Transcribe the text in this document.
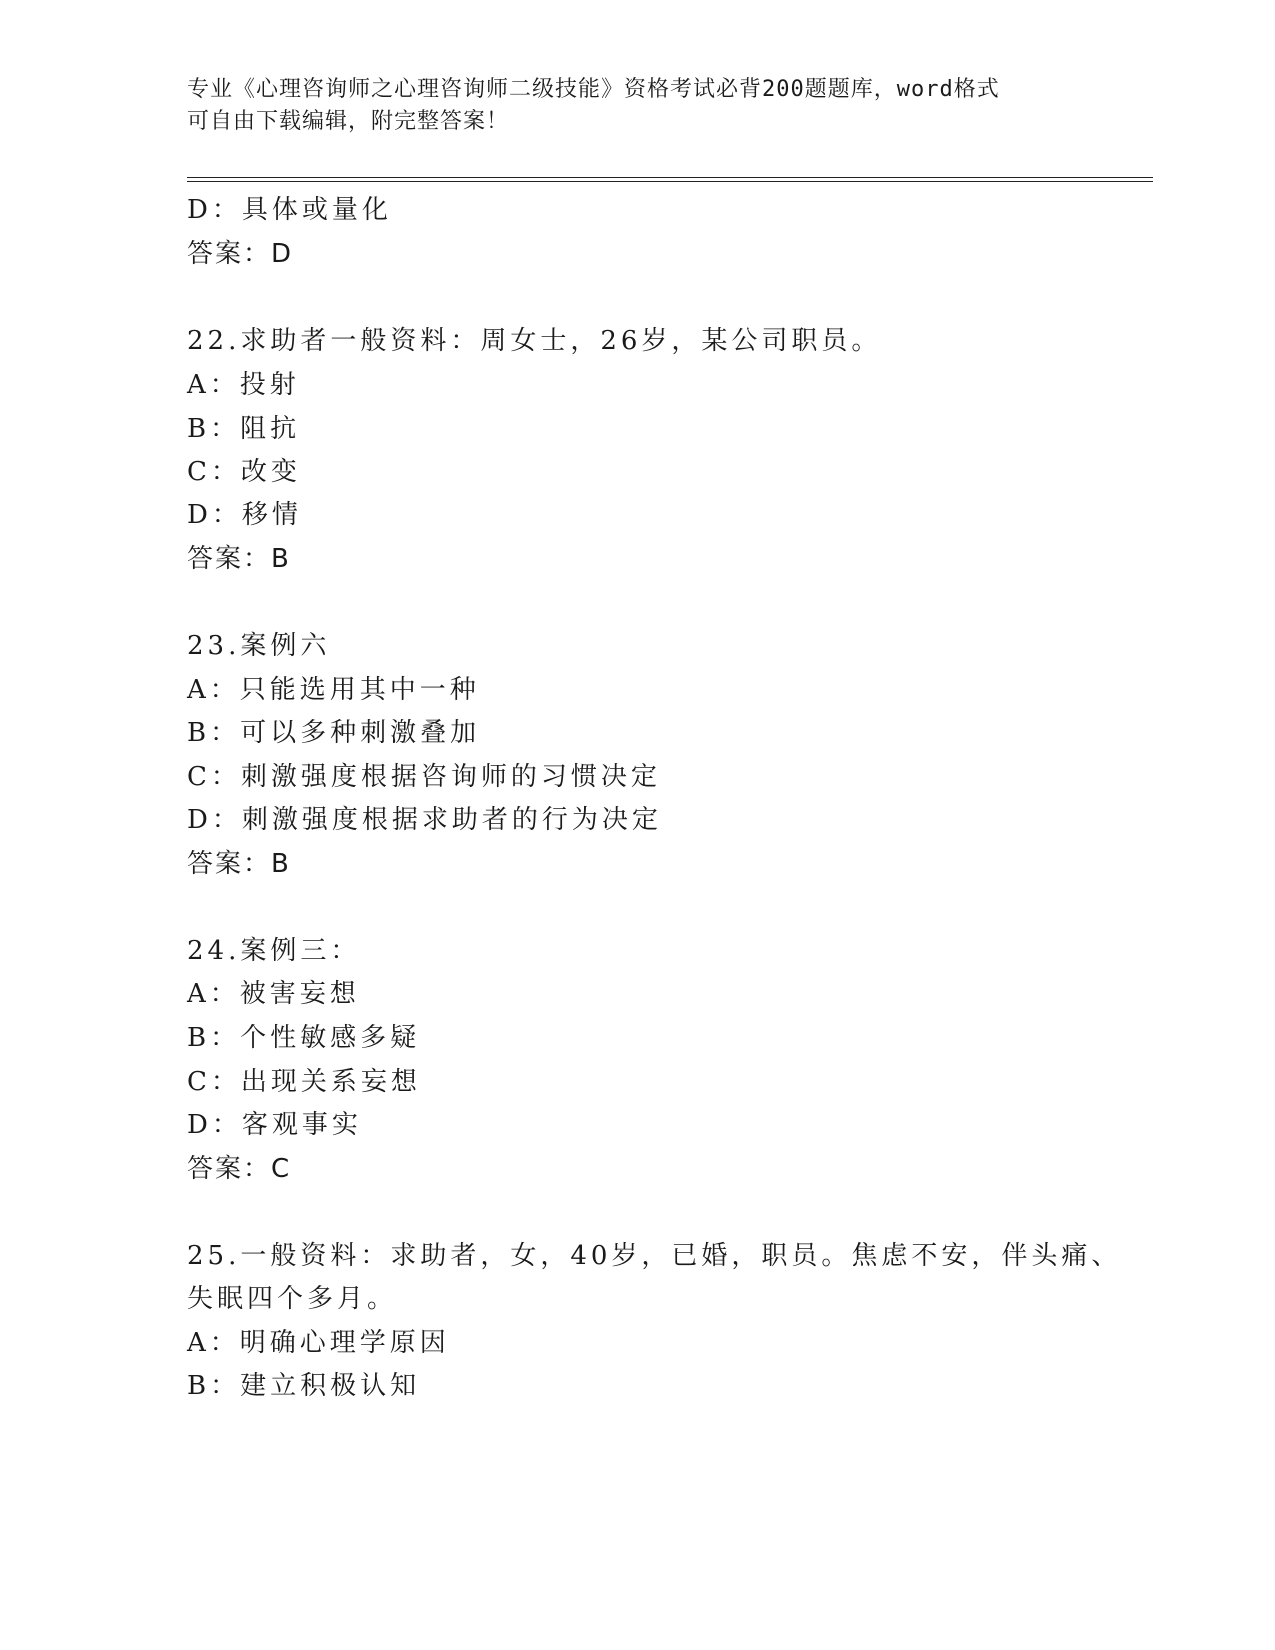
专业《心理咨询师之心理咨询师二级技能》资格考试必背200题题库，word格式
可自由下载编辑，附完整答案！
D：具体或量化
答案：D
22.求助者一般资料：周女士，26岁，某公司职员。
A：投射
B：阻抗
C：改变
D：移情
答案：B
23.案例六
A：只能选用其中一种
B：可以多种刺激叠加
C：刺激强度根据咨询师的习惯决定
D：刺激强度根据求助者的行为决定
答案：B
24.案例三：
A：被害妄想
B：个性敏感多疑
C：出现关系妄想
D：客观事实
答案：C
25.一般资料：求助者，女，40岁，已婚，职员。焦虑不安，伴头痛、
失眠四个多月。
A：明确心理学原因
B：建立积极认知
